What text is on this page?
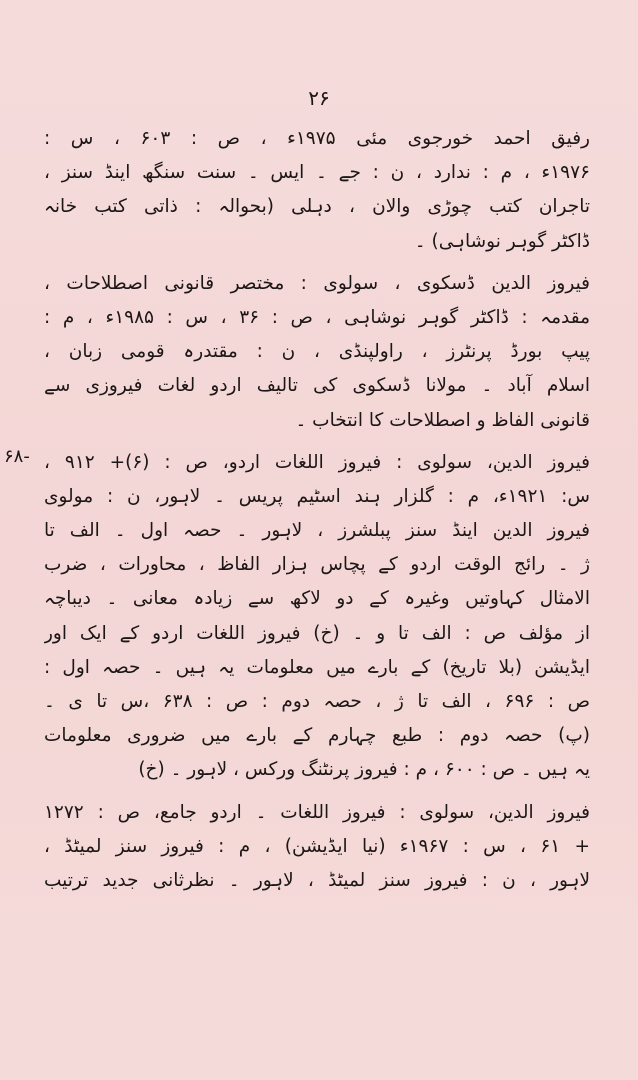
۲۶
رفیق احمد خورجوی مئی ۱۹۷۵ء ، ص : ۶۰۳ ، س :
۱۹۷۶ء ، م : ندارد ، ن : جے ۔ ایس ۔ سنت سنگھ اینڈ سنز ،
تاجران کتب چوڑی والان ، دہلی (بحوالہ : ذاتی کتب خانہ
ڈاکٹر گوہر نوشاہی) ۔
فیروز الدین ڈسکوی ، سولوی : مختصر قانونی اصطلاحات ،
مقدمہ : ڈاکٹر گوہر نوشاہی ، ص : ۳۶ ، س : ۱۹۸۵ء ، م :
پیپ بورڈ پرنٹرز ، راولپنڈی ، ن : مقتدرہ قومی زبان ،
اسلام آباد ۔ مولانا ڈسکوی کی تالیف اردو لغات فیروزی سے
قانونی الفاظ و اصطلاحات کا انتخاب ۔
۶۸- فیروز الدین، سولوی : فیروز اللغات اردو، ص : (۶)+ ۹۱۲ ،
س: ۱۹۲۱ء، م : گلزار ہند اسٹیم پریس ۔ لاہور، ن : مولوی
فیروز الدین اینڈ سنز پبلشرز ، لاہور ۔ حصہ اول ۔ الف تا
ژ ۔ رائج الوقت اردو کے پچاس ہزار الفاظ ، محاورات ، ضرب
الامثال کہاوتیں وغیرہ کے دو لاکھ سے زیادہ معانی ۔ دیباچہ
از مؤلف ص : الف تا و ۔ (خ) فیروز اللغات اردو کے ایک اور
ایڈیشن (بلا تاریخ) کے بارے میں معلومات یہ ہیں ۔ حصہ اول :
ص : ۶۹۶ ، الف تا ژ ، حصہ دوم : ص : ۶۳۸ ،س تا ی ۔
(پ) حصہ دوم : طبع چہارم کے بارے میں ضروری معلومات
یہ ہیں ۔ ص : ۶۰۰ ، م : فیروز پرنٹنگ ورکس ، لاہور ۔ (خ)
فیروز الدین، سولوی : فیروز اللغات ۔ اردو جامع، ص : ۱۲۷۲
+ ۶۱ ، س : ۱۹۶۷ء (نیا ایڈیشن) ، م : فیروز سنز لمیٹڈ ،
لاہور ، ن : فیروز سنز لمیٹڈ ، لاہور ۔ نظرثانی جدید ترتیب
